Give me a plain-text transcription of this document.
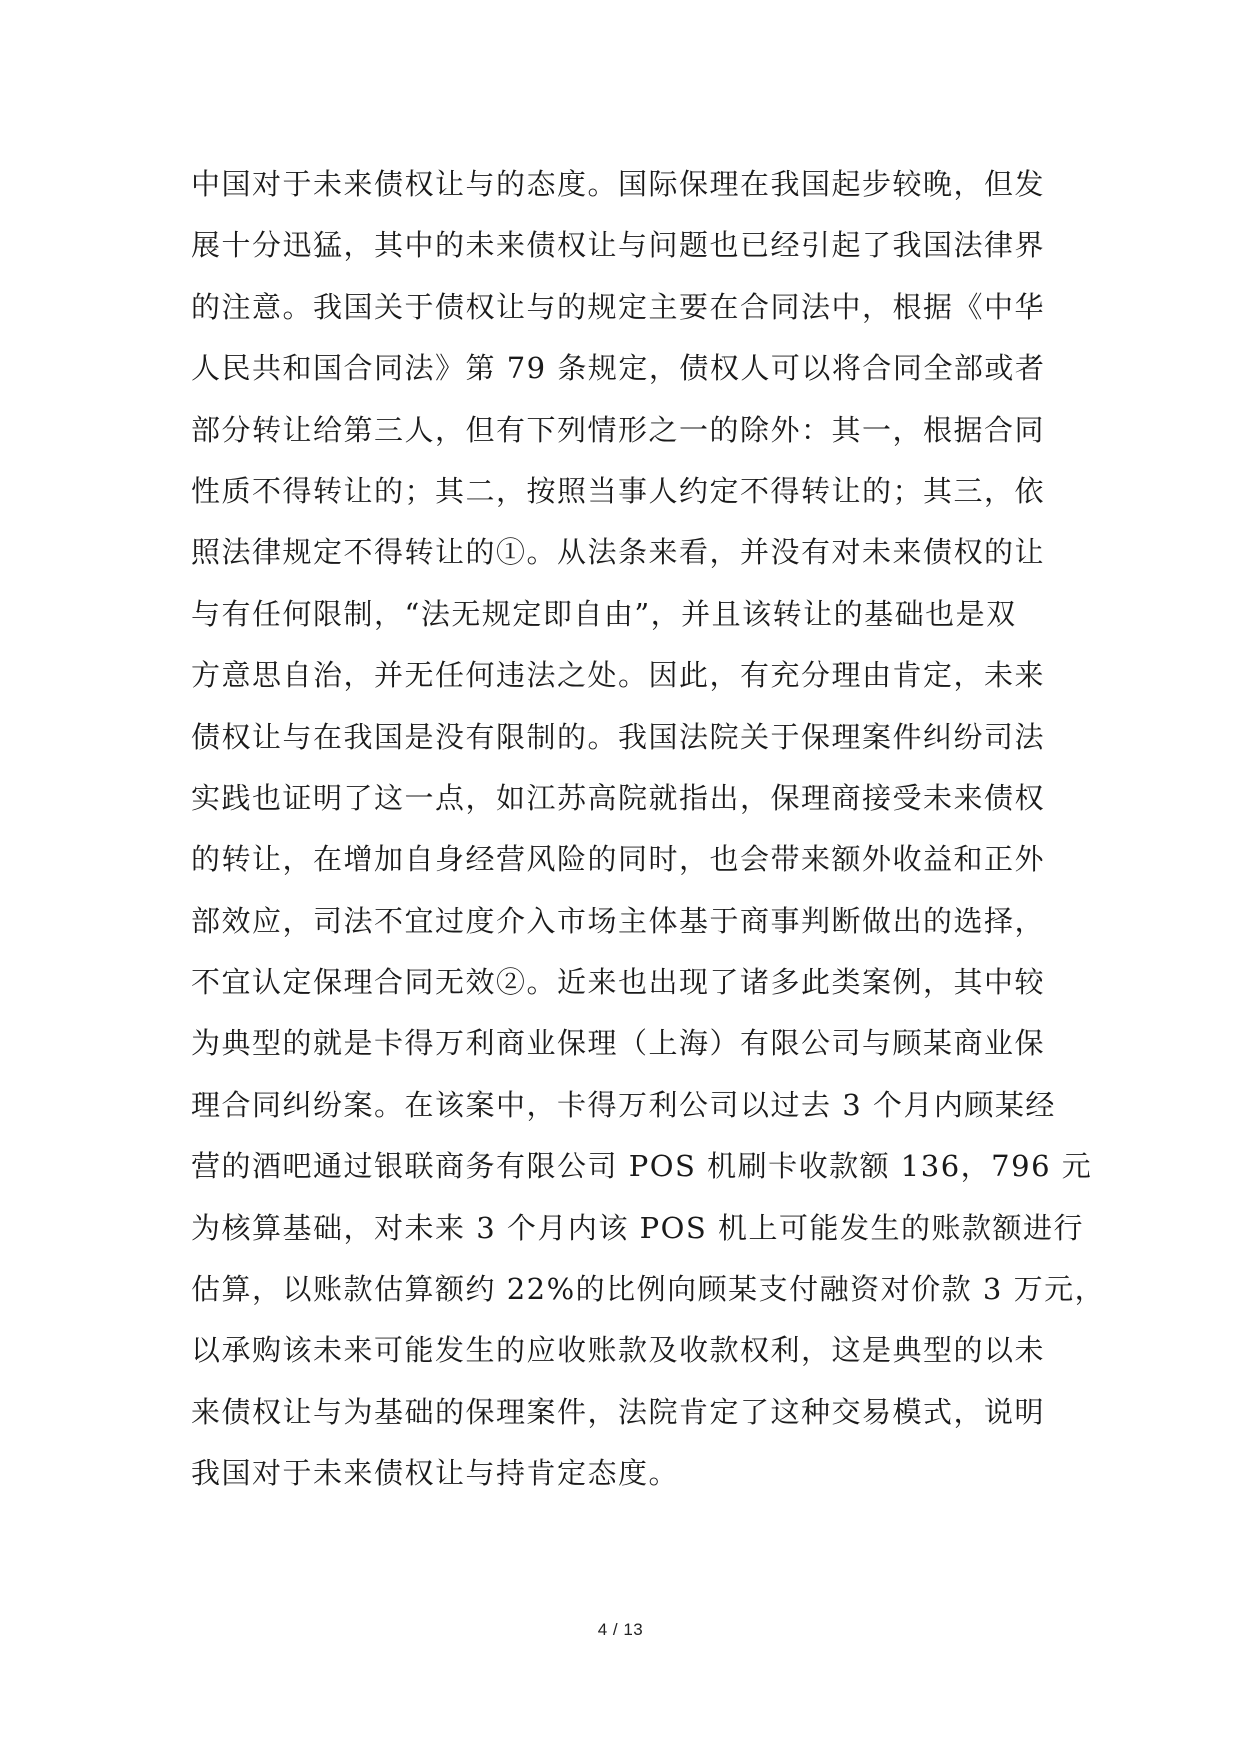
中国对于未来债权让与的态度。国际保理在我国起步较晚，但发
展十分迅猛，其中的未来债权让与问题也已经引起了我国法律界
的注意。我国关于债权让与的规定主要在合同法中，根据《中华
人民共和国合同法》第 79 条规定，债权人可以将合同全部或者
部分转让给第三人，但有下列情形之一的除外：其一，根据合同
性质不得转让的；其二，按照当事人约定不得转让的；其三，依
照法律规定不得转让的①。从法条来看，并没有对未来债权的让
与有任何限制，“法无规定即自由”，并且该转让的基础也是双
方意思自治，并无任何违法之处。因此，有充分理由肯定，未来
债权让与在我国是没有限制的。我国法院关于保理案件纠纷司法
实践也证明了这一点，如江苏高院就指出，保理商接受未来债权
的转让，在增加自身经营风险的同时，也会带来额外收益和正外
部效应，司法不宜过度介入市场主体基于商事判断做出的选择，
不宜认定保理合同无效②。近来也出现了诸多此类案例，其中较
为典型的就是卡得万利商业保理（上海）有限公司与顾某商业保
理合同纠纷案。在该案中，卡得万利公司以过去 3 个月内顾某经
营的酒吧通过银联商务有限公司 POS 机刷卡收款额 136，796 元
为核算基础，对未来 3 个月内该 POS 机上可能发生的账款额进行
估算，以账款估算额约 22%的比例向顾某支付融资对价款 3 万元，
以承购该未来可能发生的应收账款及收款权利，这是典型的以未
来债权让与为基础的保理案件，法院肯定了这种交易模式，说明
我国对于未来债权让与持肯定态度。
4 / 13
